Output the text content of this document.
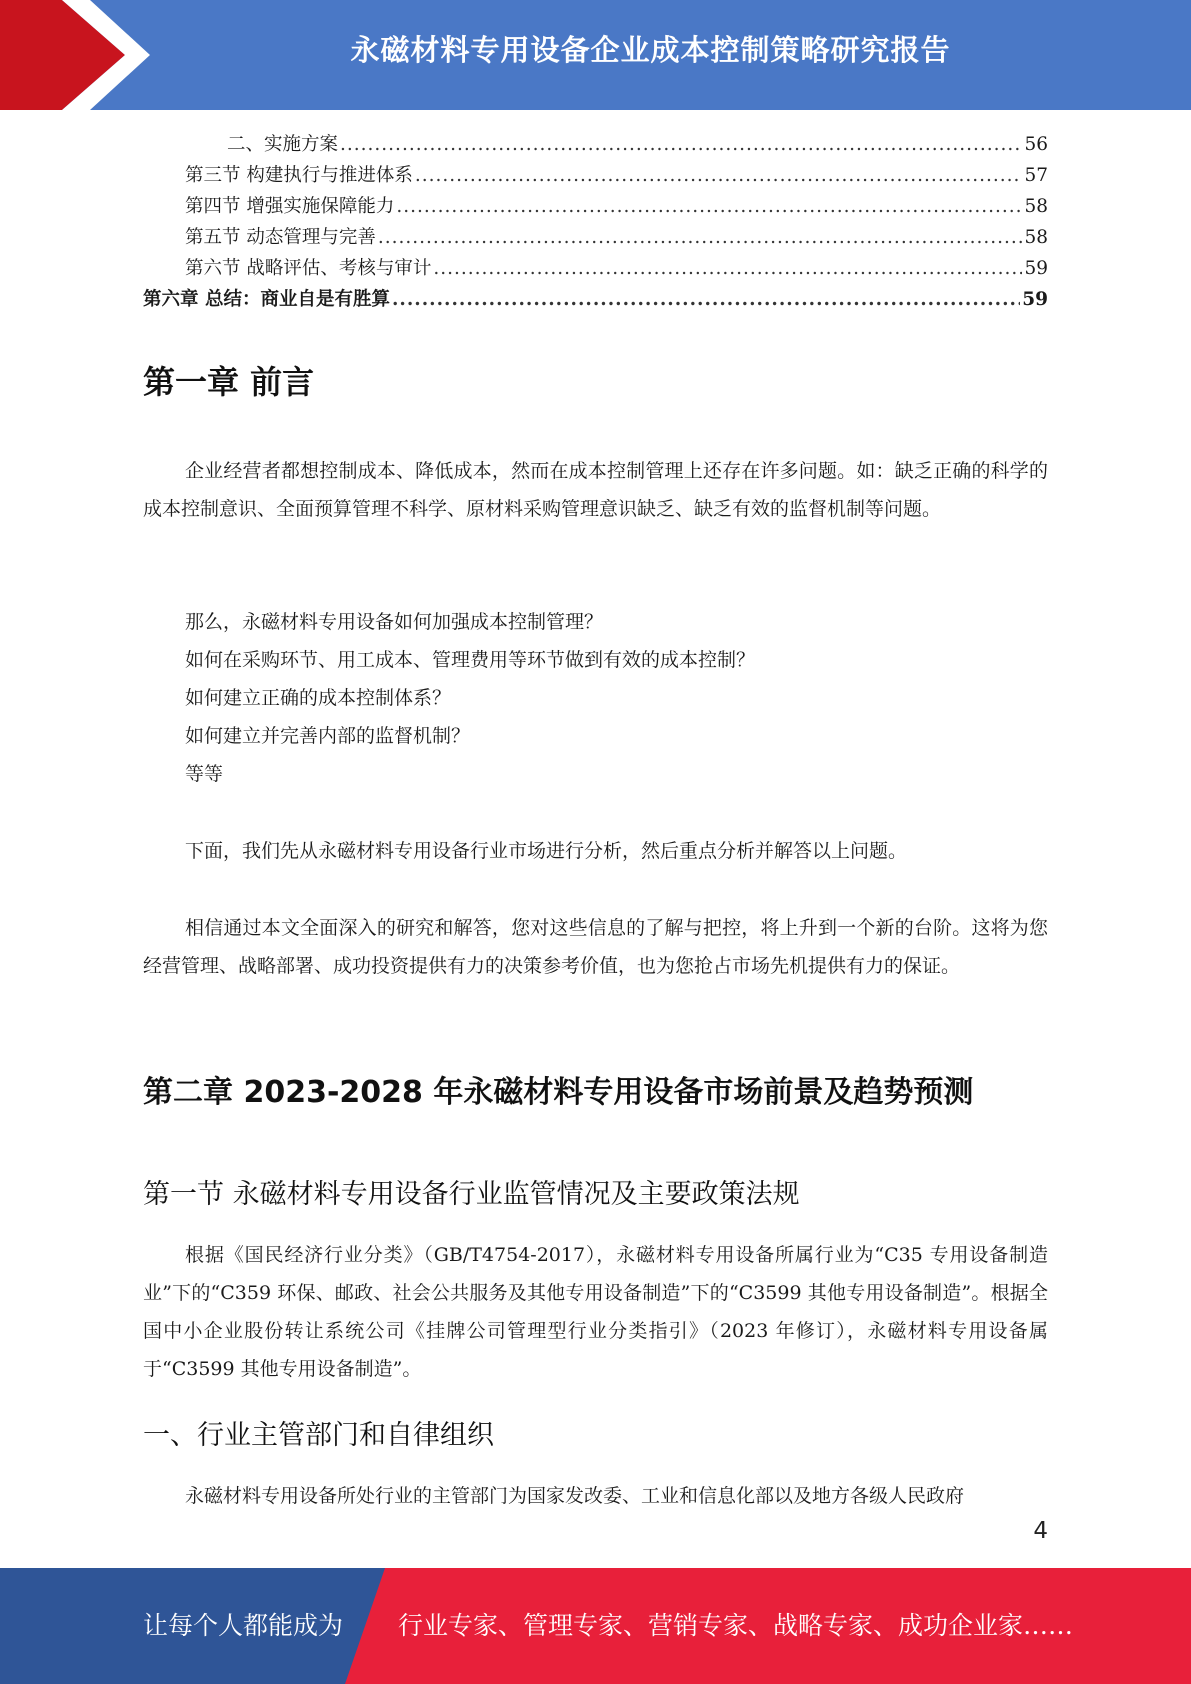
永磁材料专用设备企业成本控制策略研究报告
二、实施方案 .....	56
第三节 构建执行与推进体系 .....	57
第四节 增强实施保障能力 .....	58
第五节 动态管理与完善 .....	58
第六节 战略评估、考核与审计 .....	59
第六章 总结：商业自是有胜算 .....	59
第一章 前言
企业经营者都想控制成本、降低成本，然而在成本控制管理上还存在许多问题。如：缺乏正确的科学的成本控制意识、全面预算管理不科学、原材料采购管理意识缺乏、缺乏有效的监督机制等问题。
那么，永磁材料专用设备如何加强成本控制管理？
如何在采购环节、用工成本、管理费用等环节做到有效的成本控制？
如何建立正确的成本控制体系？
如何建立并完善内部的监督机制？
等等
下面，我们先从永磁材料专用设备行业市场进行分析，然后重点分析并解答以上问题。
相信通过本文全面深入的研究和解答，您对这些信息的了解与把控，将上升到一个新的台阶。这将为您经营管理、战略部署、成功投资提供有力的决策参考价值，也为您抢占市场先机提供有力的保证。
第二章 2023-2028 年永磁材料专用设备市场前景及趋势预测
第一节 永磁材料专用设备行业监管情况及主要政策法规
根据《国民经济行业分类》（GB/T4754-2017），永磁材料专用设备所属行业为“C35 专用设备制造业”下的“C359 环保、邮政、社会公共服务及其他专用设备制造”下的“C3599 其他专用设备制造”。根据全国中小企业股份转让系统公司《挂牌公司管理型行业分类指引》（2023 年修订），永磁材料专用设备属于“C3599 其他专用设备制造”。
一、行业主管部门和自律组织
永磁材料专用设备所处行业的主管部门为国家发改委、工业和信息化部以及地方各级人民政府
4
让每个人都能成为 行业专家、管理专家、营销专家、战略专家、成功企业家……
